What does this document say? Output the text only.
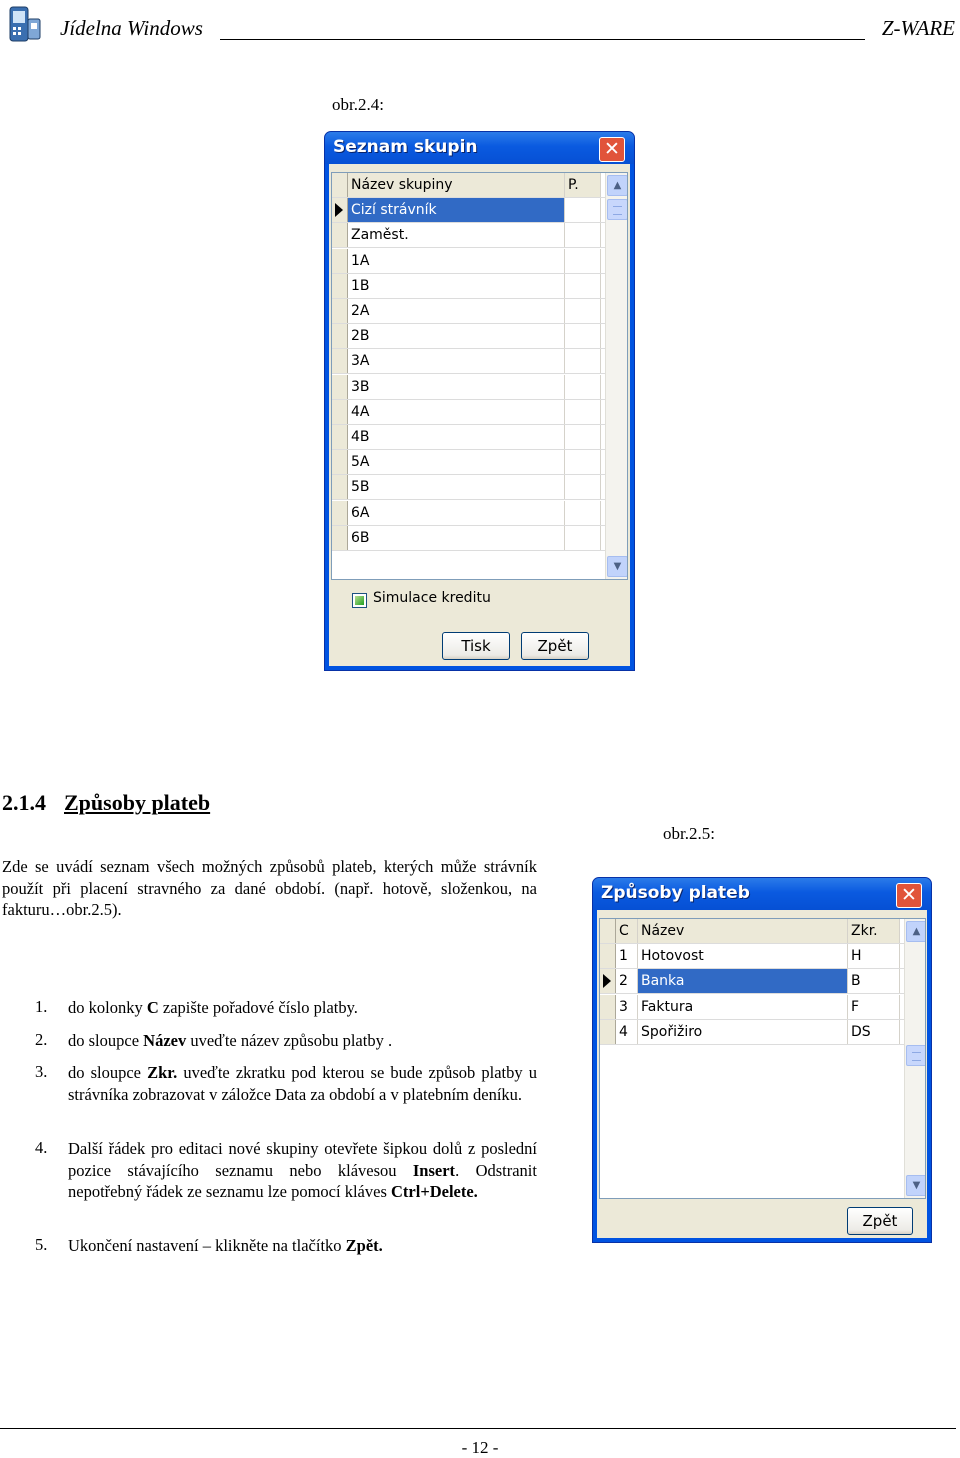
Jídelna Windows	Z-WARE
obr.2.4:
Seznam skupin	✕
Název skupiny	P.
Cizí strávník
Zaměst.
1A
1B
2A
2B
3A
3B
4A
4B
5A
5B
6A
6B
▲
▼
Simulace kreditu
Tisk	Zpět
2.1.4 Způsoby plateb
obr.2.5:
Zde se uvádí seznam všech možných způsobů plateb, kterých může strávník použít při placení stravného za dané období. (např. hotově, složenkou, na fakturu…obr.2.5).
1. do kolonky C zapište pořadové číslo platby.
2. do sloupce Název uveďte název způsobu platby .
3. do sloupce Zkr. uveďte zkratku pod kterou se bude způsob platby u strávníka zobrazovat v záložce Data za období a v platebním deníku.
4. Další řádek pro editaci nové skupiny otevřete šipkou dolů z poslední pozice stávajícího seznamu nebo klávesou Insert. Odstranit nepotřebný řádek ze seznamu lze pomocí kláves Ctrl+Delete.
5. Ukončení nastavení – klikněte na tlačítko Zpět.
Způsoby plateb	✕
C Název	Zkr.
1 Hotovost	H
2 Banka	B
3 Faktura	F
4 Spořižiro	DS
▲
▼
Zpět
- 12 -
